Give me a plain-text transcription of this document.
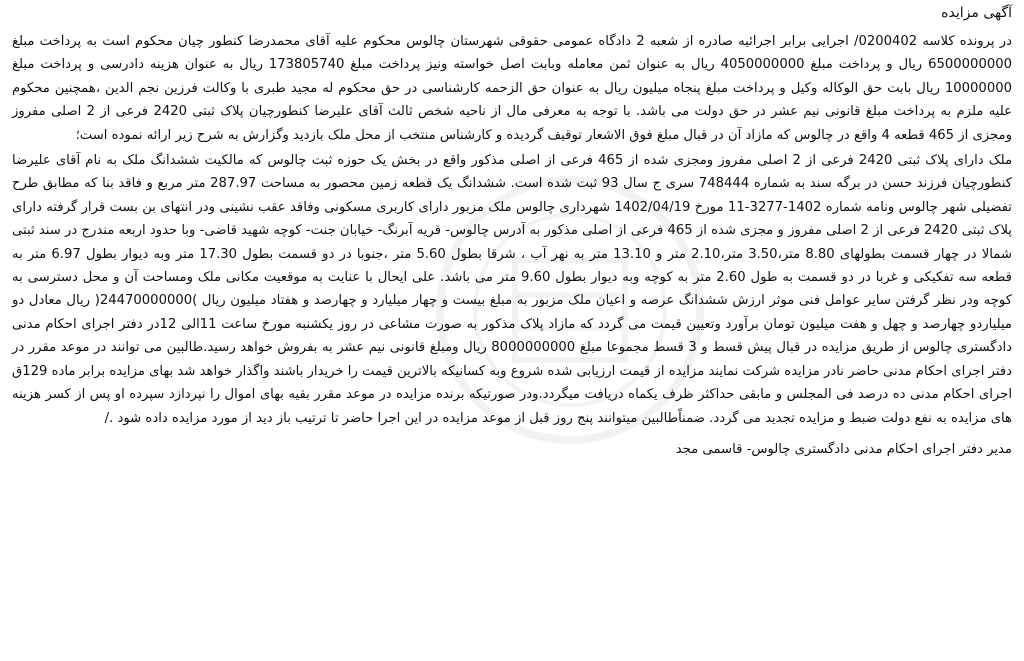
آگهی مزایده

در پرونده کلاسه 0200402/ اجرایی برابر اجرائیه صادره از شعبه 2 دادگاه عمومی حقوقی شهرستان چالوس محکوم علیه آقای محمدرضا کنطور چیان محکوم است به پرداخت مبلغ 6500000000 ریال و پرداخت مبلغ 4050000000 ریال به عنوان ثمن معامله وبابت اصل خواسته ونیز پرداخت مبلغ 173805740 ریال به عنوان هزینه دادرسی و پرداخت مبلغ 10000000 ریال بابت حق الوکاله وکیل و پرداخت مبلغ پنجاه میلیون ریال به عنوان حق الزحمه کارشناسی در حق محکوم له مجید طبری با وکالت فرزین نجم الدین ،همچنین محکوم علیه ملزم به پرداخت مبلغ قانونی نیم عشر در حق دولت می باشد. با توجه به معرفی مال از ناحیه شخص ثالث آقای علیرضا کنطورچیان پلاک ثبتی 2420 فرعی از 2 اصلی مفروز ومجزی از 465 قطعه 4 واقع در چالوس که مازاد آن در قبال مبلغ فوق الاشعار توقیف گردیده و کارشناس منتخب از محل ملک بازدید وگزارش به شرح زیر ارائه نموده است؛

ملک دارای پلاک ثبتی 2420 فرعی از 2 اصلی مفروز ومجزی شده از 465 فرعی از اصلی مذکور واقع در بخش یک حوزه ثبت چالوس که مالکیت ششدانگ ملک به نام آقای علیرضا کنطورچیان فرزند حسن در برگه سند به شماره 748444 سری ج سال 93 ثبت شده است. ششدانگ یک قطعه زمین محصور به مساحت 287.97 متر مربع و فاقد بنا که مطابق طرح تفضیلی شهر چالوس ونامه شماره 1402-3277-11 مورخ 1402/04/19 شهرداری چالوس ملک مزبور دارای کاربری مسکونی وفاقد عقب نشینی ودر انتهای بن بست قرار گرفته دارای پلاک ثبتی 2420 فرعی از 2 اصلی مفروز و مجزی شده از 465 فرعی از اصلی مذکور به آدرس چالوس- قریه آبرنگ- خیابان جنت- کوچه شهید قاضی- وبا حدود اربعه مندرج در سند ثبتی شمالا در چهار قسمت بطولهای 8.80 متر،3.50 متر،2.10 متر و 13.10 متر به نهر آب ، شرقا بطول 5.60 متر ،جنوبا در دو قسمت بطول 17.30 متر وبه دیوار بطول 6.97 متر به قطعه سه تفکیکی و غربا در دو قسمت به طول 2.60 متر به کوچه وبه دیوار بطول 9.60 متر می باشد. علی ایحال با عنایت به موقعیت مکانی ملک ومساحت آن و محل دسترسی به کوچه ودر نظر گرفتن سایر عوامل فنی موثر ارزش ششدانگ عرصه و اعیان ملک مزبور به مبلغ بیست و چهار میلیارد و چهارصد و هفتاد میلیون ریال )24470000000( ریال معادل دو میلیاردو چهارصد و چهل و هفت میلیون تومان برآورد وتعیین قیمت می گردد که مازاد پلاک مذکور به صورت مشاعی در روز یکشنبه مورخ ساعت 11الی 12در دفتر اجرای احکام مدنی دادگستری چالوس از طریق مزایده در قبال پیش قسط و 3 قسط مجموعا مبلغ 8000000000 ریال ومبلغ قانونی نیم عشر به بفروش خواهد رسید.طالبین می توانند در موعد مقرر در دفتر اجرای احکام مدنی حاضر نادر مزایده شرکت نمایند مزایده از قیمت ارزیابی شده شروع وبه کسانیکه بالاترین قیمت را خریدار باشند واگذار خواهد شد بهای مزایده برابر ماده 129ق اجرای احکام مدنی ده درصد فی المجلس و مابقی حداکثر ظرف یکماه دریافت میگردد.ودر صورتیکه برنده مزایده در موعد مقرر بقیه بهای اموال را نپردازد سپرده او پس از کسر هزینه های مزایده به نفع دولت ضبط و مزایده تجدید می گردد. ضمناًطالبین میتوانند پنج روز قبل از موعد مزایده در این اجرا حاضر تا ترتیب باز دید از مورد مزایده داده شود ./

مدیر دفتر اجرای احکام مدنی دادگستری چالوس- قاسمی مجد
